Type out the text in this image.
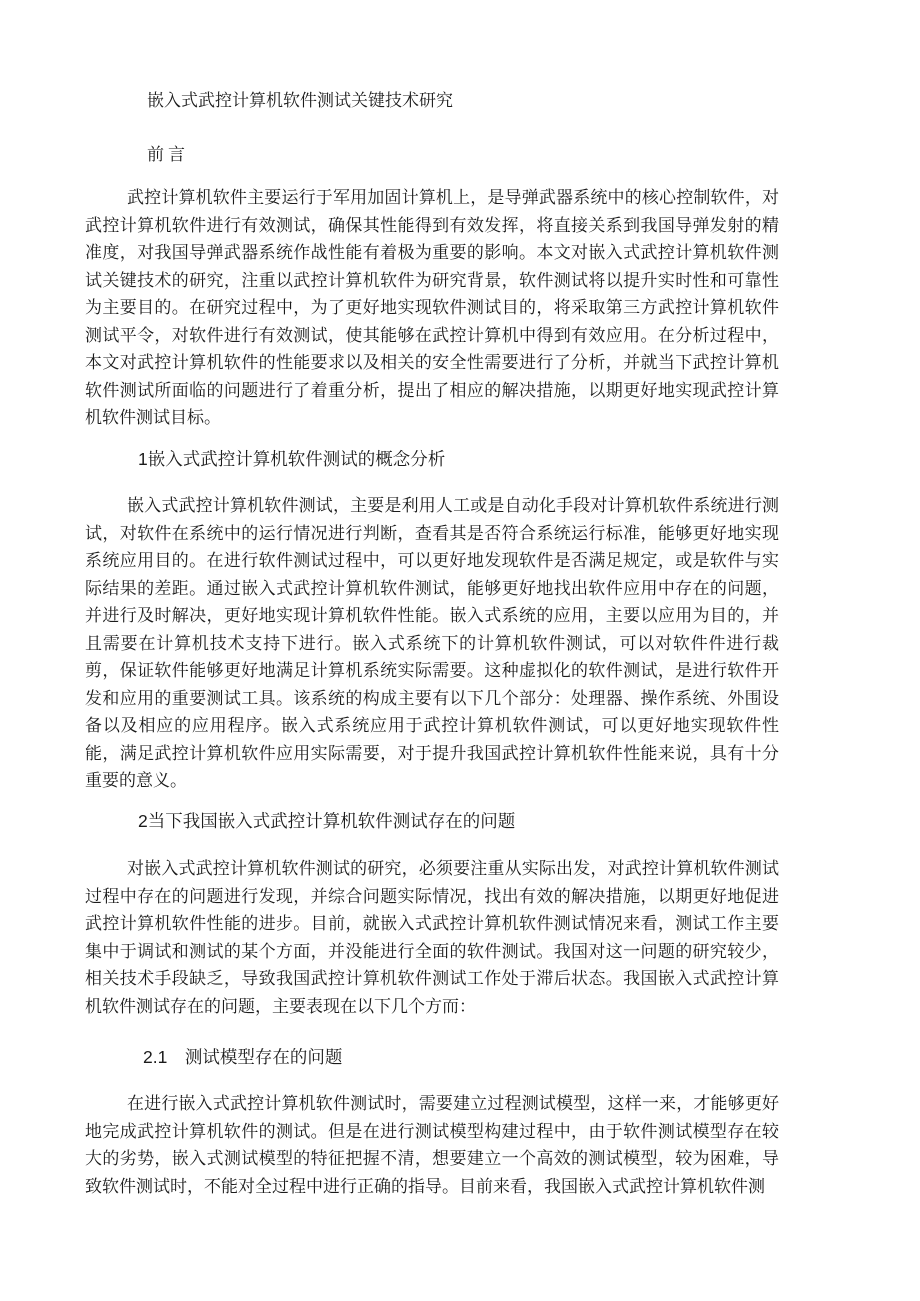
嵌入式武控计算机软件测试关键技术研究
前言

武控计算机软件主要运行于军用加固计算机上，是导弹武器系统中的核心控制软件，对武控计算机软件进行有效测试，确保其性能得到有效发挥，将直接关系到我国导弹发射的精准度，对我国导弹武器系统作战性能有着极为重要的影响。本文对嵌入式武控计算机软件测试关键技术的研究，注重以武控计算机软件为研究背景，软件测试将以提升实时性和可靠性为主要目的。在研究过程中，为了更好地实现软件测试目的，将采取第三方武控计算机软件测试平令，对软件进行有效测试，使其能够在武控计算机中得到有效应用。在分析过程中，本文对武控计算机软件的性能要求以及相关的安全性需要进行了分析，并就当下武控计算机软件测试所面临的问题进行了着重分析，提出了相应的解决措施，以期更好地实现武控计算机软件测试目标。

1嵌入式武控计算机软件测试的概念分析

嵌入式武控计算机软件测试，主要是利用人工或是自动化手段对计算机软件系统进行测试，对软件在系统中的运行情况进行判断，查看其是否符合系统运行标准，能够更好地实现系统应用目的。在进行软件测试过程中，可以更好地发现软件是否满足规定，或是软件与实际结果的差距。通过嵌入式武控计算机软件测试，能够更好地找出软件应用中存在的问题，并进行及时解决，更好地实现计算机软件性能。嵌入式系统的应用，主要以应用为目的，并且需要在计算机技术支持下进行。嵌入式系统下的计算机软件测试，可以对软件件进行裁剪，保证软件能够更好地满足计算机系统实际需要。这种虚拟化的软件测试，是进行软件开发和应用的重要测试工具。该系统的构成主要有以下几个部分：处理器、操作系统、外围设备以及相应的应用程序。嵌入式系统应用于武控计算机软件测试，可以更好地实现软件性能，满足武控计算机软件应用实际需要，对于提升我国武控计算机软件性能来说，具有十分重要的意义。

2当下我国嵌入式武控计算机软件测试存在的问题

对嵌入式武控计算机软件测试的研究，必须要注重从实际出发，对武控计算机软件测试过程中存在的问题进行发现，并综合问题实际情况，找出有效的解决措施，以期更好地促进武控计算机软件性能的进步。目前，就嵌入式武控计算机软件测试情况来看，测试工作主要集中于调试和测试的某个方面，并没能进行全面的软件测试。我国对这一问题的研究较少，相关技术手段缺乏，导致我国武控计算机软件测试工作处于滞后状态。我国嵌入式武控计算机软件测试存在的问题，主要表现在以下几个方而：

2.1　测试模型存在的问题

在进行嵌入式武控计算机软件测试时，需要建立过程测试模型，这样一来，才能够更好地完成武控计算机软件的测试。但是在进行测试模型构建过程中，由于软件测试模型存在较大的劣势，嵌入式测试模型的特征把握不清，想要建立一个高效的测试模型，较为困难，导致软件测试时，不能对全过程中进行正确的指导。目前来看，我国嵌入式武控计算机软件测
